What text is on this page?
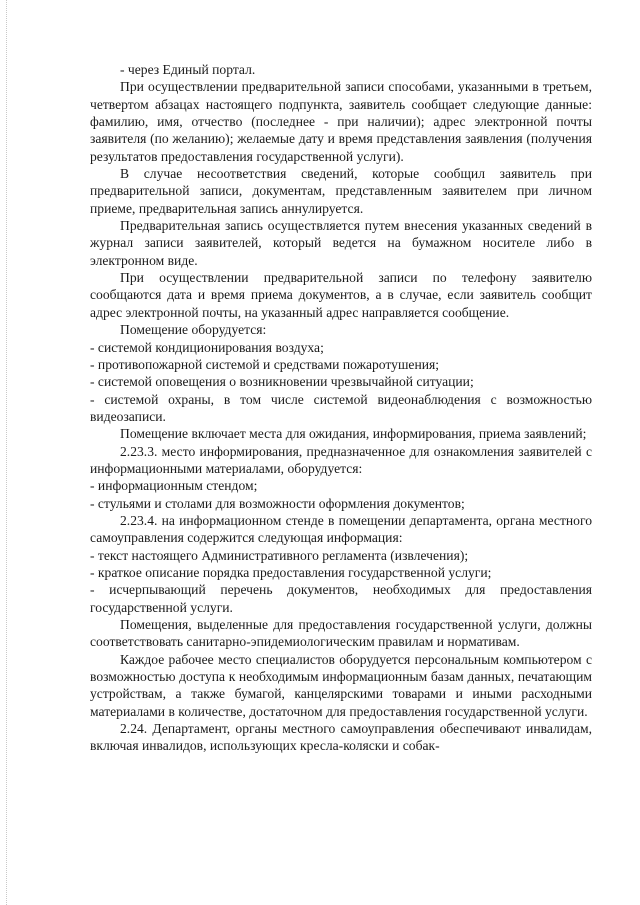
- через Единый портал.

При осуществлении предварительной записи способами, указанными в третьем, четвертом абзацах настоящего подпункта, заявитель сообщает следующие данные: фамилию, имя, отчество (последнее - при наличии); адрес электронной почты заявителя (по желанию); желаемые дату и время представления заявления (получения результатов предоставления государственной услуги).

В случае несоответствия сведений, которые сообщил заявитель при предварительной записи, документам, представленным заявителем при личном приеме, предварительная запись аннулируется.

Предварительная запись осуществляется путем внесения указанных сведений в журнал записи заявителей, который ведется на бумажном носителе либо в электронном виде.

При осуществлении предварительной записи по телефону заявителю сообщаются дата и время приема документов, а в случае, если заявитель сообщит адрес электронной почты, на указанный адрес направляется сообщение.

Помещение оборудуется:

- системой кондиционирования воздуха;

- противопожарной системой и средствами пожаротушения;

- системой оповещения о возникновении чрезвычайной ситуации;

- системой охраны, в том числе системой видеонаблюдения с возможностью видеозаписи.

Помещение включает места для ожидания, информирования, приема заявлений;

2.23.3. место информирования, предназначенное для ознакомления заявителей с информационными материалами, оборудуется:

- информационным стендом;

- стульями и столами для возможности оформления документов;

2.23.4. на информационном стенде в помещении департамента, органа местного самоуправления содержится следующая информация:

- текст настоящего Административного регламента (извлечения);

- краткое описание порядка предоставления государственной услуги;

- исчерпывающий перечень документов, необходимых для предоставления государственной услуги.

Помещения, выделенные для предоставления государственной услуги, должны соответствовать санитарно-эпидемиологическим правилам и нормативам.

Каждое рабочее место специалистов оборудуется персональным компьютером с возможностью доступа к необходимым информационным базам данных, печатающим устройствам, а также бумагой, канцелярскими товарами и иными расходными материалами в количестве, достаточном для предоставления государственной услуги.

2.24. Департамент, органы местного самоуправления обеспечивают инвалидам, включая инвалидов, использующих кресла-коляски и собак-
